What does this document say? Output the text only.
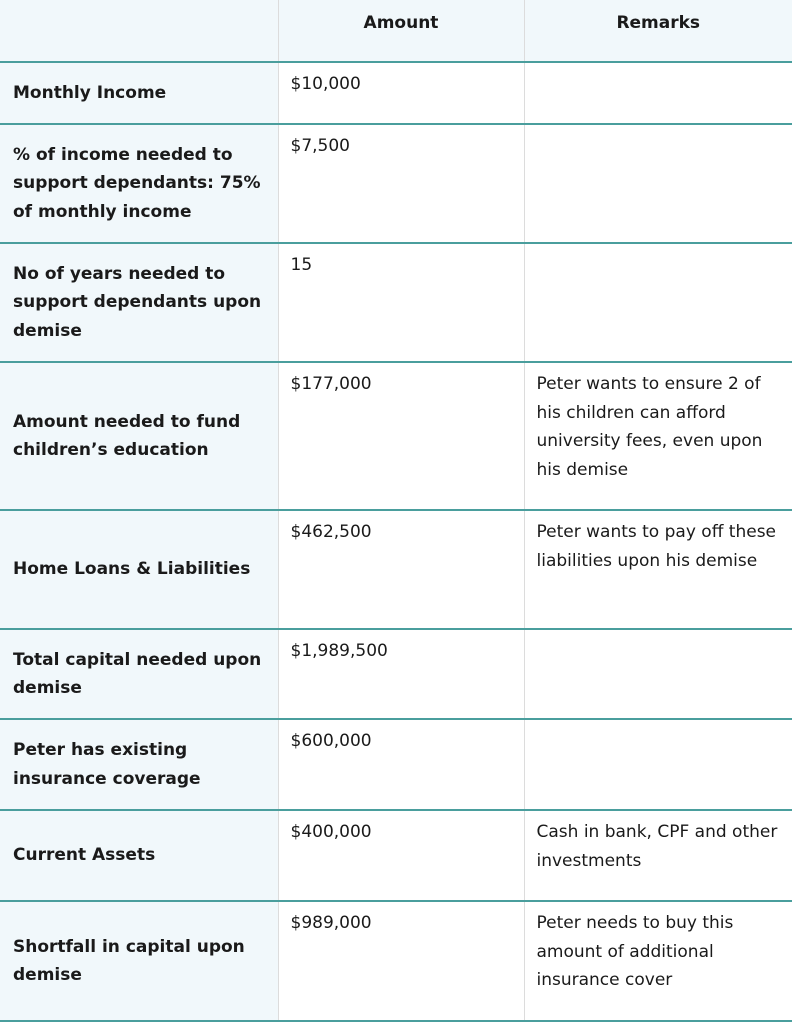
	Amount	Remarks
Monthly Income	$10,000	
% of income needed to support dependants: 75% of monthly income	$7,500	
No of years needed to support dependants upon demise	15	
Amount needed to fund children’s education	$177,000	Peter wants to ensure 2 of his children can afford university fees, even upon his demise
Home Loans & Liabilities	$462,500	Peter wants to pay off these liabilities upon his demise
Total capital needed upon demise	$1,989,500	
Peter has existing insurance coverage	$600,000	
Current Assets	$400,000	Cash in bank, CPF and other investments
Shortfall in capital upon demise	$989,000	Peter needs to buy this amount of additional insurance cover
